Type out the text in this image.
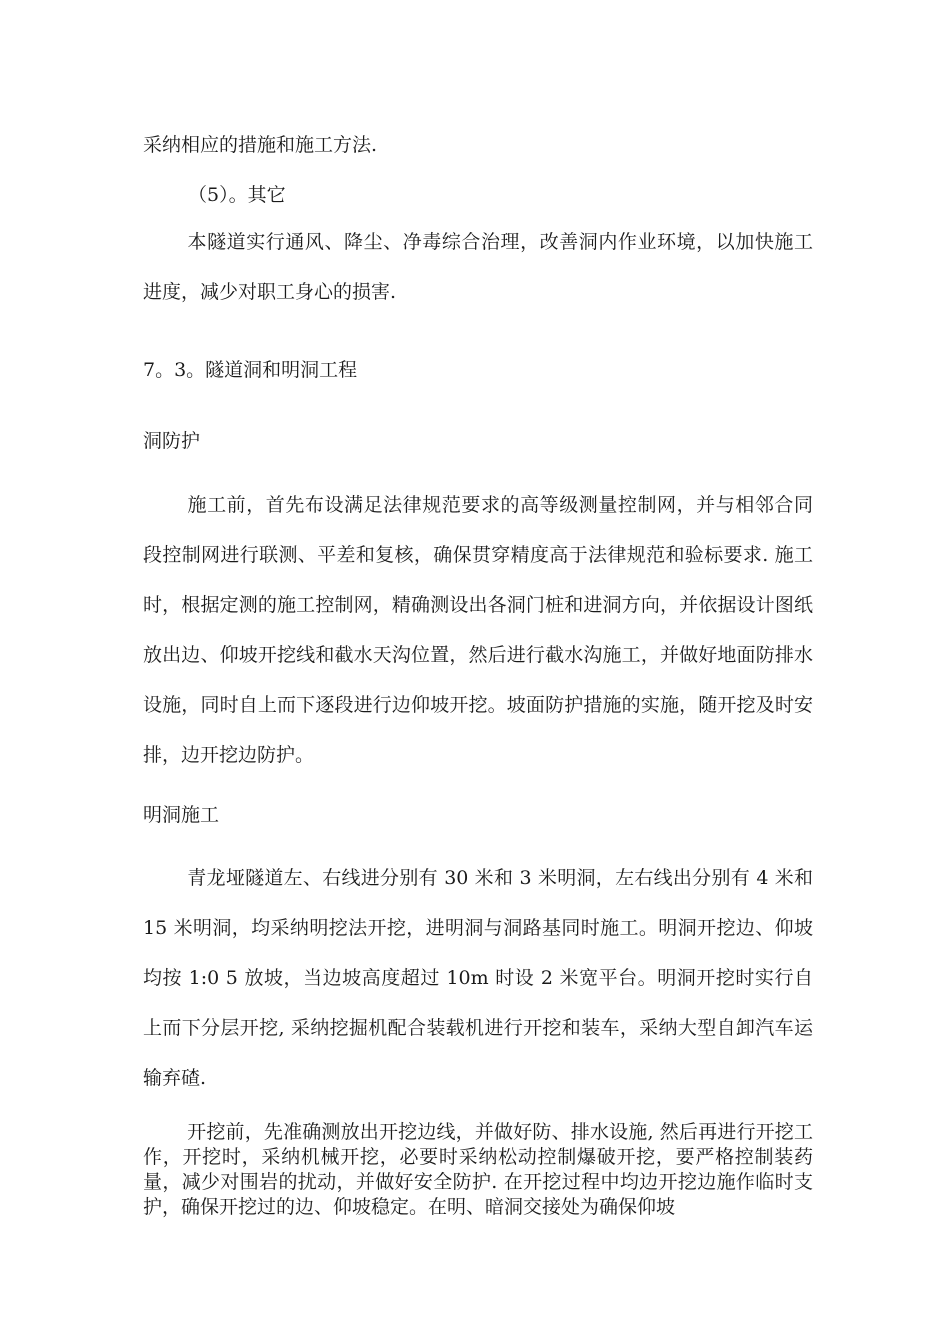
采纳相应的措施和施工方法.

（5）。其它

本隧道实行通风、降尘、净毒综合治理，改善洞内作业环境，以加快施工进度，减少对职工身心的损害.

7。3。隧道洞和明洞工程

洞防护

施工前，首先布设满足法律规范要求的高等级测量控制网，并与相邻合同段控制网进行联测、平差和复核，确保贯穿精度高于法律规范和验标要求. 施工时，根据定测的施工控制网，精确测设出各洞门桩和进洞方向，并依据设计图纸放出边、仰坡开挖线和截水天沟位置，然后进行截水沟施工，并做好地面防排水设施，同时自上而下逐段进行边仰坡开挖。坡面防护措施的实施，随开挖及时安排，边开挖边防护。

明洞施工

青龙垭隧道左、右线进分别有 30 米和 3 米明洞，左右线出分别有 4 米和 15 米明洞，均采纳明挖法开挖，进明洞与洞路基同时施工。明洞开挖边、仰坡均按 1:0 5 放坡，当边坡高度超过 10m 时设 2 米宽平台。明洞开挖时实行自上而下分层开挖, 采纳挖掘机配合装载机进行开挖和装车，采纳大型自卸汽车运输弃碴.

开挖前，先准确测放出开挖边线，并做好防、排水设施, 然后再进行开挖工作，开挖时，采纳机械开挖，必要时采纳松动控制爆破开挖，要严格控制装药量，减少对围岩的扰动，并做好安全防护. 在开挖过程中均边开挖边施作临时支护，确保开挖过的边、仰坡稳定。在明、暗洞交接处为确保仰坡
